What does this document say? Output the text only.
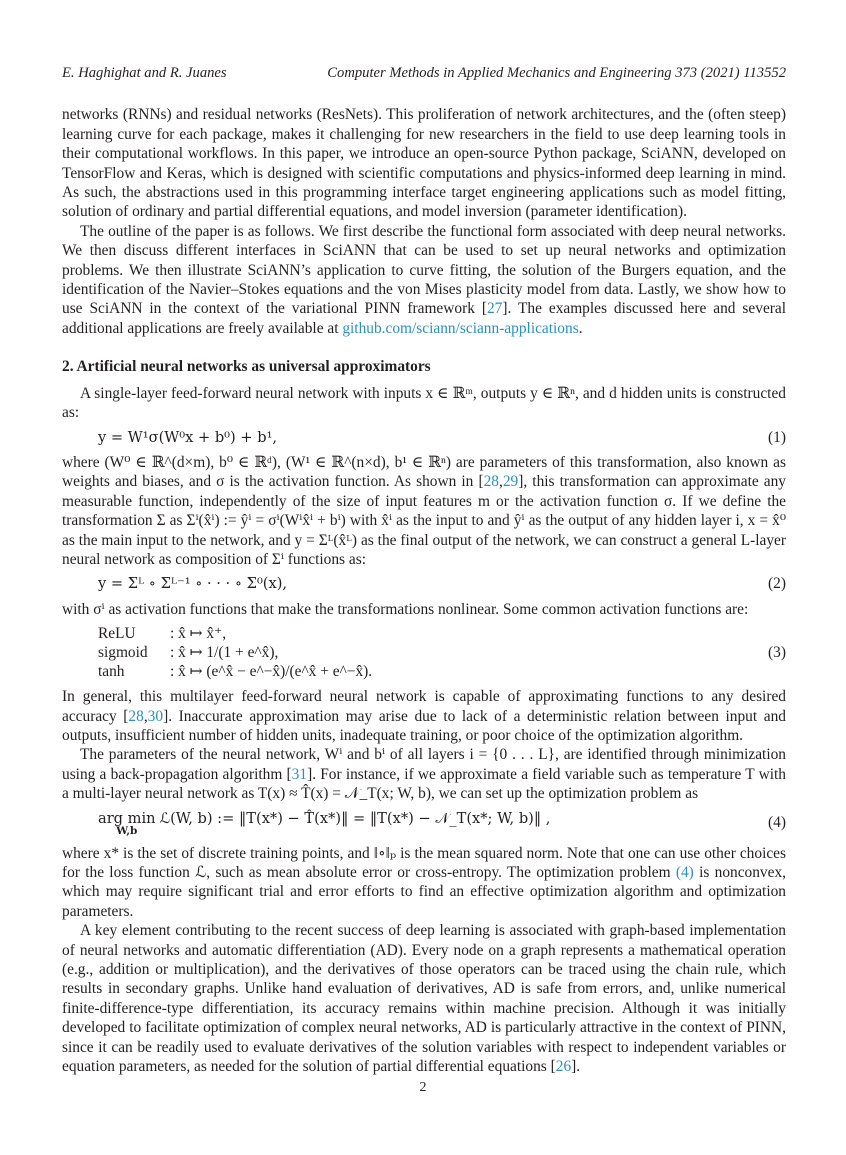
E. Haghighat and R. Juanes	Computer Methods in Applied Mechanics and Engineering 373 (2021) 113552

networks (RNNs) and residual networks (ResNets). This proliferation of network architectures, and the (often steep) learning curve for each package, makes it challenging for new researchers in the field to use deep learning tools in their computational workflows. In this paper, we introduce an open-source Python package, SciANN, developed on TensorFlow and Keras, which is designed with scientific computations and physics-informed deep learning in mind. As such, the abstractions used in this programming interface target engineering applications such as model fitting, solution of ordinary and partial differential equations, and model inversion (parameter identification).

The outline of the paper is as follows. We first describe the functional form associated with deep neural networks. We then discuss different interfaces in SciANN that can be used to set up neural networks and optimization problems. We then illustrate SciANN’s application to curve fitting, the solution of the Burgers equation, and the identification of the Navier–Stokes equations and the von Mises plasticity model from data. Lastly, we show how to use SciANN in the context of the variational PINN framework [27]. The examples discussed here and several additional applications are freely available at github.com/sciann/sciann-applications.

2. Artificial neural networks as universal approximators

A single-layer feed-forward neural network with inputs x ∈ ℝᵐ, outputs y ∈ ℝⁿ, and d hidden units is constructed as:

y = W¹σ(W⁰x + b⁰) + b¹,	(1)

where (W⁰ ∈ ℝ^(d×m), b⁰ ∈ ℝᵈ), (W¹ ∈ ℝ^(n×d), b¹ ∈ ℝⁿ) are parameters of this transformation, also known as weights and biases, and σ is the activation function. As shown in [28,29], this transformation can approximate any measurable function, independently of the size of input features m or the activation function σ. If we define the transformation Σ as Σⁱ(x̂ⁱ) := ŷⁱ = σⁱ(Wⁱx̂ⁱ + bⁱ) with x̂ⁱ as the input to and ŷⁱ as the output of any hidden layer i, x = x̂⁰ as the main input to the network, and y = Σᴸ(x̂ᴸ) as the final output of the network, we can construct a general L-layer neural network as composition of Σⁱ functions as:

y = Σᴸ ∘ Σᴸ⁻¹ ∘ · · · ∘ Σ⁰(x),	(2)

with σⁱ as activation functions that make the transformations nonlinear. Some common activation functions are:

ReLU	: x̂ ↦ x̂⁺,
sigmoid	: x̂ ↦ 1/(1 + e^x̂),
tanh	: x̂ ↦ (e^x̂ − e^−x̂)/(e^x̂ + e^−x̂).
(3)

In general, this multilayer feed-forward neural network is capable of approximating functions to any desired accuracy [28,30]. Inaccurate approximation may arise due to lack of a deterministic relation between input and outputs, insufficient number of hidden units, inadequate training, or poor choice of the optimization algorithm.

The parameters of the neural network, Wⁱ and bⁱ of all layers i = {0 . . . L}, are identified through minimization using a back-propagation algorithm [31]. For instance, if we approximate a field variable such as temperature T with a multi-layer neural network as T(x) ≈ T̂(x) = 𝒩_T(x; W, b), we can set up the optimization problem as

arg min
W,b
ℒ(W, b) := ‖T(x*) − T̂(x*)‖ = ‖T(x*) − 𝒩_T(x*; W, b)‖ ,	(4)

where x* is the set of discrete training points, and ‖∘‖ₚ is the mean squared norm. Note that one can use other choices for the loss function ℒ, such as mean absolute error or cross-entropy. The optimization problem (4) is nonconvex, which may require significant trial and error efforts to find an effective optimization algorithm and optimization parameters.

A key element contributing to the recent success of deep learning is associated with graph-based implementation of neural networks and automatic differentiation (AD). Every node on a graph represents a mathematical operation (e.g., addition or multiplication), and the derivatives of those operators can be traced using the chain rule, which results in secondary graphs. Unlike hand evaluation of derivatives, AD is safe from errors, and, unlike numerical finite-difference-type differentiation, its accuracy remains within machine precision. Although it was initially developed to facilitate optimization of complex neural networks, AD is particularly attractive in the context of PINN, since it can be readily used to evaluate derivatives of the solution variables with respect to independent variables or equation parameters, as needed for the solution of partial differential equations [26].

2
